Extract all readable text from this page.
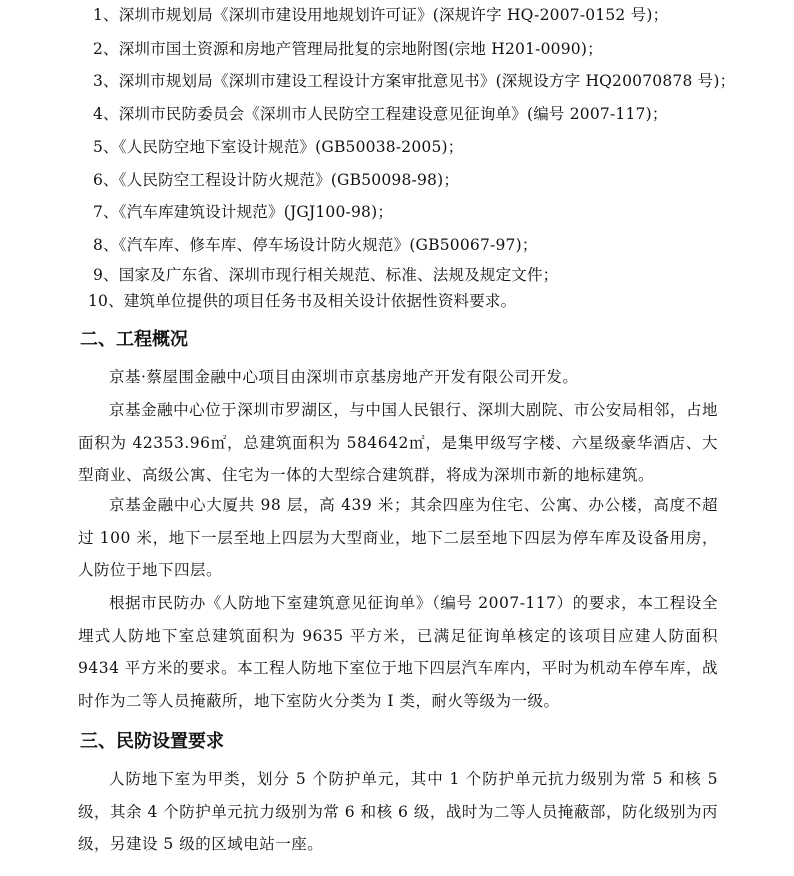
1、深圳市规划局《深圳市建设用地规划许可证》(深规许字 HQ-2007-0152 号)；
2、深圳市国土资源和房地产管理局批复的宗地附图(宗地 H201-0090)；
3、深圳市规划局《深圳市建设工程设计方案审批意见书》(深规设方字 HQ20070878 号)；
4、深圳市民防委员会《深圳市人民防空工程建设意见征询单》(编号 2007-117)；
5、《人民防空地下室设计规范》(GB50038-2005)；
6、《人民防空工程设计防火规范》(GB50098-98)；
7、《汽车库建筑设计规范》(JGJ100-98)；
8、《汽车库、修车库、停车场设计防火规范》(GB50067-97)；
9、国家及广东省、深圳市现行相关规范、标准、法规及规定文件；
10、建筑单位提供的项目任务书及相关设计依据性资料要求。
二、工程概况

京基·蔡屋围金融中心项目由深圳市京基房地产开发有限公司开发。

京基金融中心位于深圳市罗湖区，与中国人民银行、深圳大剧院、市公安局相邻，占地面积为 42353.96㎡，总建筑面积为 584642㎡，是集甲级写字楼、六星级豪华酒店、大型商业、高级公寓、住宅为一体的大型综合建筑群，将成为深圳市新的地标建筑。

京基金融中心大厦共 98 层，高 439 米；其余四座为住宅、公寓、办公楼，高度不超过 100 米，地下一层至地上四层为大型商业，地下二层至地下四层为停车库及设备用房，人防位于地下四层。

根据市民防办《人防地下室建筑意见征询单》（编号 2007-117）的要求，本工程设全埋式人防地下室总建筑面积为 9635 平方米，已满足征询单核定的该项目应建人防面积 9434 平方米的要求。本工程人防地下室位于地下四层汽车库内，平时为机动车停车库，战时作为二等人员掩蔽所，地下室防火分类为 I 类，耐火等级为一级。

三、民防设置要求

人防地下室为甲类，划分 5 个防护单元，其中 1 个防护单元抗力级别为常 5 和核 5 级，其余 4 个防护单元抗力级别为常 6 和核 6 级，战时为二等人员掩蔽部，防化级别为丙级，另建设 5 级的区域电站一座。
